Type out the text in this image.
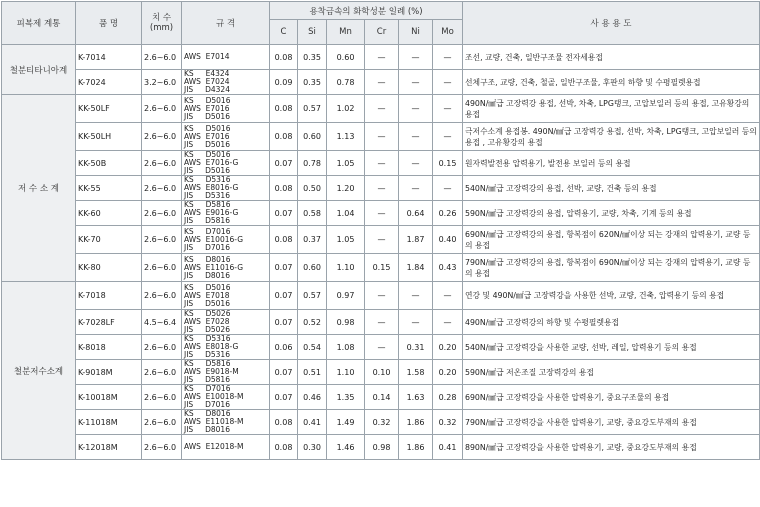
피복제 계통	품 명	치 수
(mm)	규 격	용착금속의 화학성분 일례 (%)						사 용 용 도
				C	Si	Mn	Cr	Ni	Mo	
철분티타니아계	K-7014	2.6~6.0	AWS  E7014	0.08	0.35	0.60	—	—	—	조선, 교량, 건축, 일반구조물 전자세용접
	K-7024	3.2~6.0	KS     E4324
AWS  E7024
JIS     D4324	0.09	0.35	0.78	—	—	—	선체구조, 교량, 건축, 철골, 일반구조물, 후판의 하향 및 수평필렛용접
저 수 소 계	KK-50LF	2.6~6.0	KS     D5016
AWS  E7016
JIS     D5016	0.08	0.57	1.02	—	—	—	490N/㎟급 고장력강 용접, 선박, 차축, LPG탱크, 고압보일러 등의 용접, 고유황강의 용접
	KK-50LH	2.6~6.0	KS     D5016
AWS  E7016
JIS     D5016	0.08	0.60	1.13	—	—	—	극저수소계 용접봉. 490N/㎟급 고장력강 용접, 선박, 차축, LPG탱크, 고압보일러 등의 용접 , 고유황강의 용접
	KK-50B	2.6~6.0	KS     D5016
AWS  E7016-G
JIS     D5016	0.07	0.78	1.05	—	—	0.15	원자력발전용 압력용기, 발전용 보일러 등의 용접
	KK-55	2.6~6.0	KS     D5316
AWS  E8016-G
JIS     D5316	0.08	0.50	1.20	—	—	—	540N/㎟급 고장력강의 용접, 선박, 교량, 건축 등의 용접
	KK-60	2.6~6.0	KS     D5816
AWS  E9016-G
JIS     D5816	0.07	0.58	1.04	—	0.64	0.26	590N/㎟급 고장력강의 용접, 압력용기, 교량, 차축, 기계 등의 용접
	KK-70	2.6~6.0	KS     D7016
AWS  E10016-G
JIS     D7016	0.08	0.37	1.05	—	1.87	0.40	690N/㎟급 고장력강의 용접, 항복점이 620N/㎟이상 되는 강재의 압력용기, 교량 등의 용접
	KK-80	2.6~6.0	KS     D8016
AWS  E11016-G
JIS     D8016	0.07	0.60	1.10	0.15	1.84	0.43	790N/㎟급 고장력강의 용접, 항복점이 690N/㎟이상 되는 강재의 압력용기, 교량 등의 용접
철분저수소계	K-7018	2.6~6.0	KS     D5016
AWS  E7018
JIS     D5016	0.07	0.57	0.97	—	—	—	연강 및 490N/㎟급 고장력강을 사용한 선박, 교량, 건축, 압력용기 등의 용접
	K-7028LF	4.5~6.4	KS     D5026
AWS  E7028
JIS     D5026	0.07	0.52	0.98	—	—	—	490N/㎟급 고장력강의 하향 및 수평필렛용접
	K-8018	2.6~6.0	KS     D5316
AWS  E8018-G
JIS     D5316	0.06	0.54	1.08	—	0.31	0.20	540N/㎟급 고장력강을 사용한 교량, 선박, 레일, 압력용기 등의 용접
	K-9018M	2.6~6.0	KS     D5816
AWS  E9018-M
JIS     D5816	0.07	0.51	1.10	0.10	1.58	0.20	590N/㎟급 저온조질 고장력강의 용접
	K-10018M	2.6~6.0	KS     D7016
AWS  E10018-M
JIS     D7016	0.07	0.46	1.35	0.14	1.63	0.28	690N/㎟급 고장력강을 사용한 압력용기, 중요구조물의 용접
	K-11018M	2.6~6.0	KS     D8016
AWS  E11018-M
JIS     D8016	0.08	0.41	1.49	0.32	1.86	0.32	790N/㎟급 고장력강을 사용한 압력용기, 교량, 중요강도부재의 용접
	K-12018M	2.6~6.0	AWS  E12018-M	0.08	0.30	1.46	0.98	1.86	0.41	890N/㎟급 고장력강을 사용한 압력용기, 교량, 중요강도부재의 용접
